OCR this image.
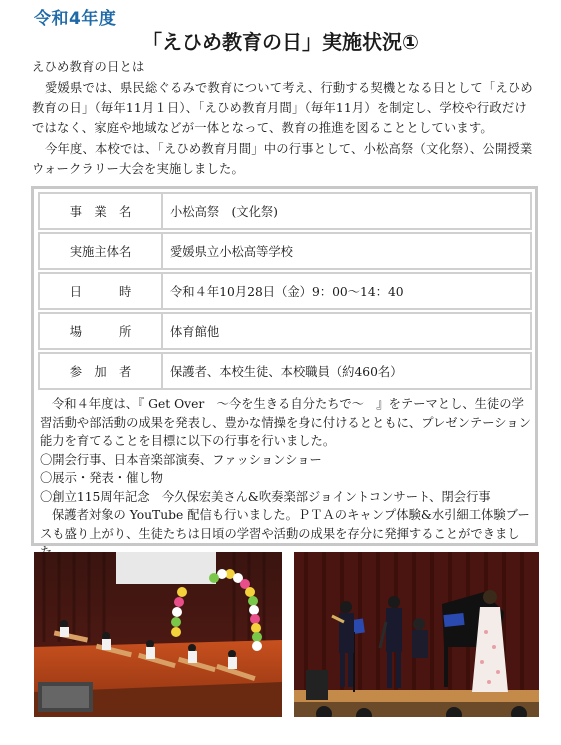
令和4年度
「えひめ教育の日」実施状況①
えひめ教育の日とは
愛媛県では、県民総ぐるみで教育について考え、行動する契機となる日として「えひめ教育の日」（毎年11月１日）、「えひめ教育月間」（毎年11月）を制定し、学校や行政だけではなく、家庭や地域などが一体となって、教育の推進を図ることとしています。
今年度、本校では、「えひめ教育月間」中の行事として、小松高祭（文化祭）、公開授業ウォークラリー大会を実施しました。
事　業　名	小松高祭　(文化祭)
実施主体名	愛媛県立小松高等学校
日　　　時	令和４年10月28日（金）9：00～14：40
場　　　所	体育館他
参　加　者	保護者、本校生徒、本校職員（約460名）

令和４年度は、『 Get Over　～今を生きる自分たちで～　』をテーマとし、生徒の学習活動や部活動の成果を発表し、豊かな情操を身に付けるとともに、プレゼンテーション能力を育てることを目標に以下の行事を行いました。

〇開会行事、日本音楽部演奏、ファッションショー

〇展示・発表・催し物

〇創立115周年記念　今久保宏美さん&吹奏楽部ジョイントコンサート、閉会行事

保護者対象の YouTube 配信も行いました。ＰＴＡのキャンプ体験&水引細工体験ブースも盛り上がり、生徒たちは日頃の学習や活動の成果を存分に発揮することができまし
